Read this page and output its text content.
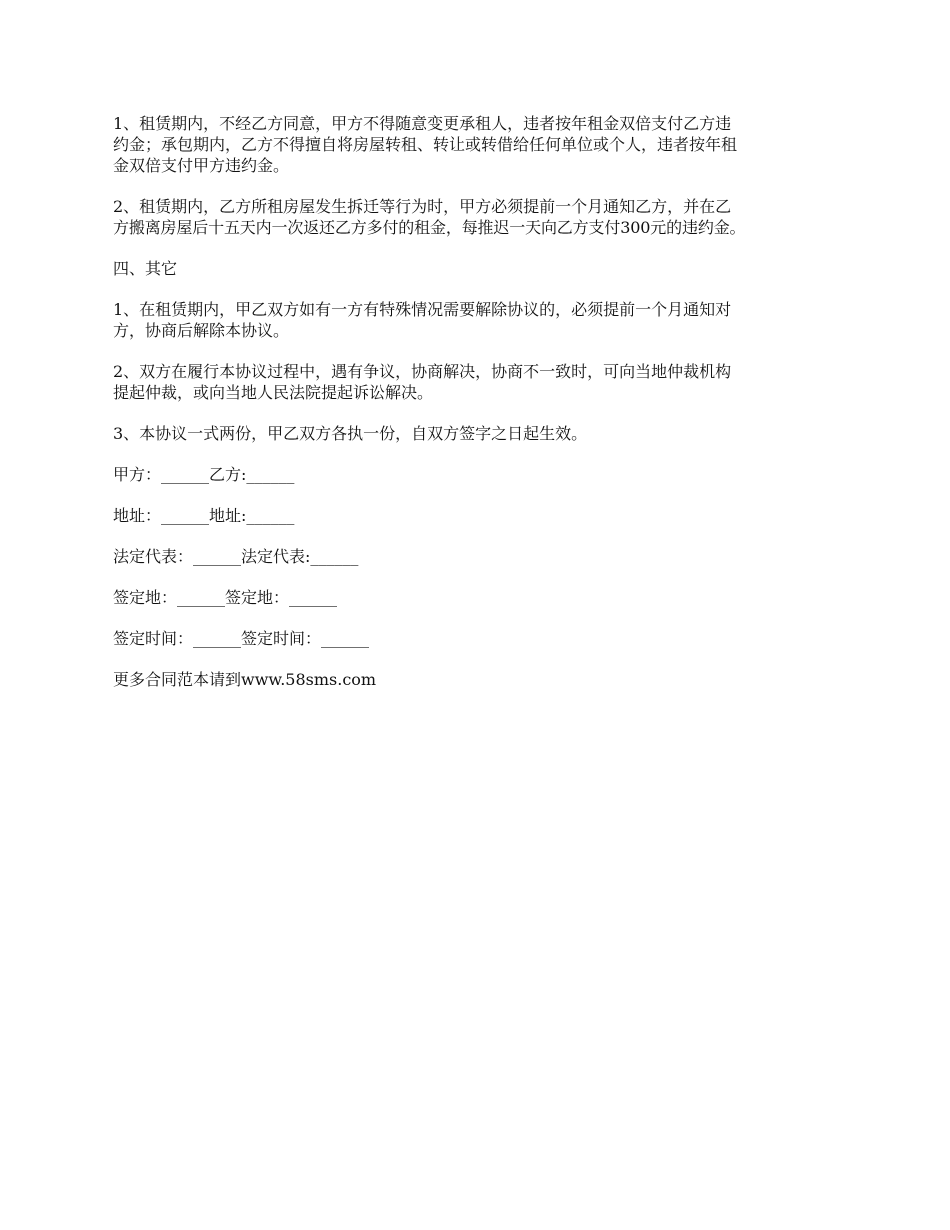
1、租赁期内，不经乙方同意，甲方不得随意变更承租人，违者按年租金双倍支付乙方违
约金；承包期内，乙方不得擅自将房屋转租、转让或转借给任何单位或个人，违者按年租
金双倍支付甲方违约金。

2、租赁期内，乙方所租房屋发生拆迁等行为时，甲方必须提前一个月通知乙方，并在乙
方搬离房屋后十五天内一次返还乙方多付的租金，每推迟一天向乙方支付300元的违约金。

四、其它

1、在租赁期内，甲乙双方如有一方有特殊情况需要解除协议的，必须提前一个月通知对
方，协商后解除本协议。

2、双方在履行本协议过程中，遇有争议，协商解决，协商不一致时，可向当地仲裁机构
提起仲裁，或向当地人民法院提起诉讼解决。

3、本协议一式两份，甲乙双方各执一份，自双方签字之日起生效。

甲方：______乙方:______

地址：______地址:______

法定代表：______法定代表:______

签定地：______签定地：______

签定时间：______签定时间：______

更多合同范本请到www.58sms.com
